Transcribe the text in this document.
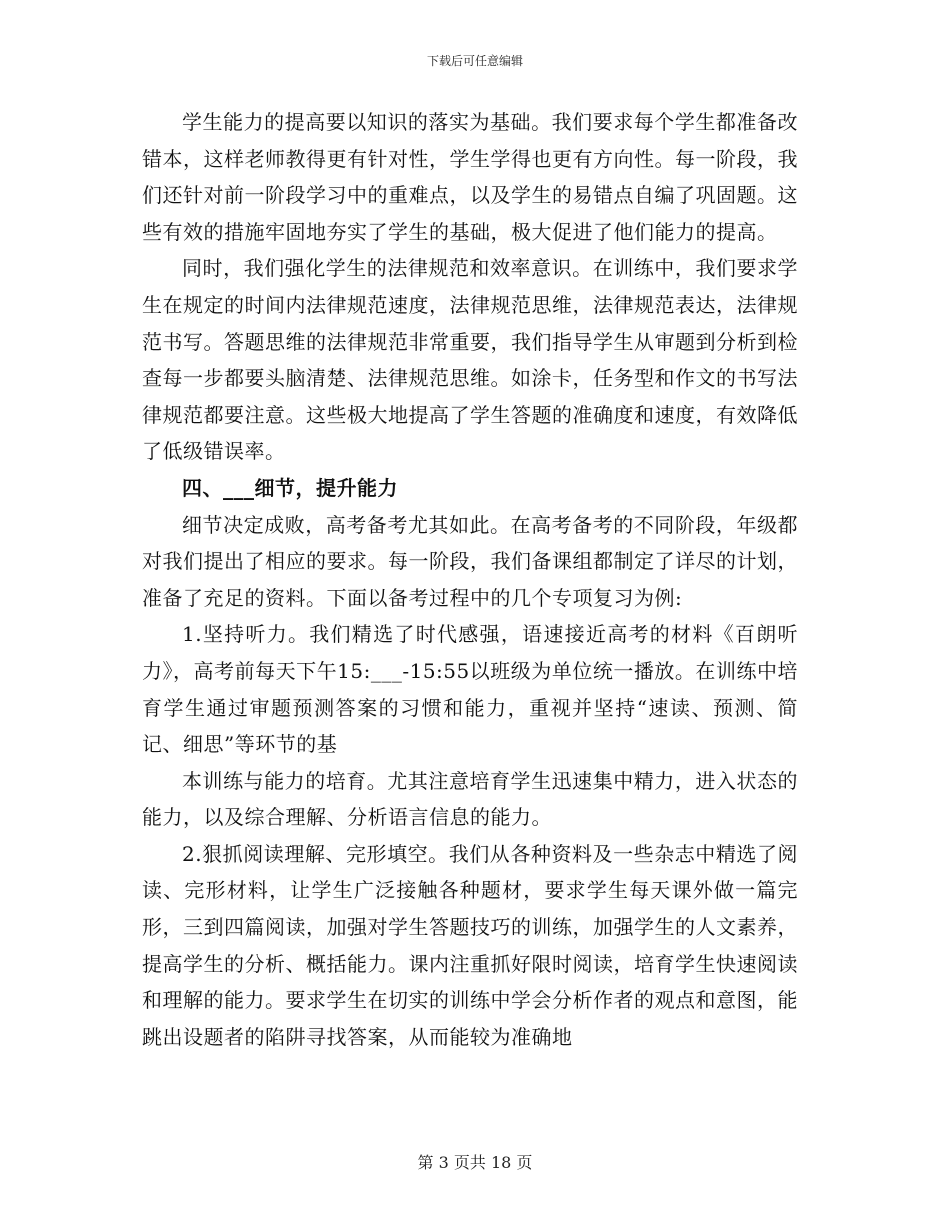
下载后可任意编辑

学生能力的提高要以知识的落实为基础。我们要求每个学生都准备改错本，这样老师教得更有针对性，学生学得也更有方向性。每一阶段，我们还针对前一阶段学习中的重难点，以及学生的易错点自编了巩固题。这些有效的措施牢固地夯实了学生的基础，极大促进了他们能力的提高。

同时，我们强化学生的法律规范和效率意识。在训练中，我们要求学生在规定的时间内法律规范速度，法律规范思维，法律规范表达，法律规范书写。答题思维的法律规范非常重要，我们指导学生从审题到分析到检查每一步都要头脑清楚、法律规范思维。如涂卡，任务型和作文的书写法律规范都要注意。这些极大地提高了学生答题的准确度和速度，有效降低了低级错误率。

四、___细节，提升能力

细节决定成败，高考备考尤其如此。在高考备考的不同阶段，年级都对我们提出了相应的要求。每一阶段，我们备课组都制定了详尽的计划，准备了充足的资料。下面以备考过程中的几个专项复习为例:

1.坚持听力。我们精选了时代感强，语速接近高考的材料《百朗听力》，高考前每天下午15:___-15:55以班级为单位统一播放。在训练中培育学生通过审题预测答案的习惯和能力，重视并坚持“速读、预测、简记、细思”等环节的基

本训练与能力的培育。尤其注意培育学生迅速集中精力，进入状态的能力，以及综合理解、分析语言信息的能力。

2.狠抓阅读理解、完形填空。我们从各种资料及一些杂志中精选了阅读、完形材料，让学生广泛接触各种题材，要求学生每天课外做一篇完形，三到四篇阅读，加强对学生答题技巧的训练，加强学生的人文素养，提高学生的分析、概括能力。课内注重抓好限时阅读，培育学生快速阅读和理解的能力。要求学生在切实的训练中学会分析作者的观点和意图，能跳出设题者的陷阱寻找答案，从而能较为准确地

第 3 页共 18 页
